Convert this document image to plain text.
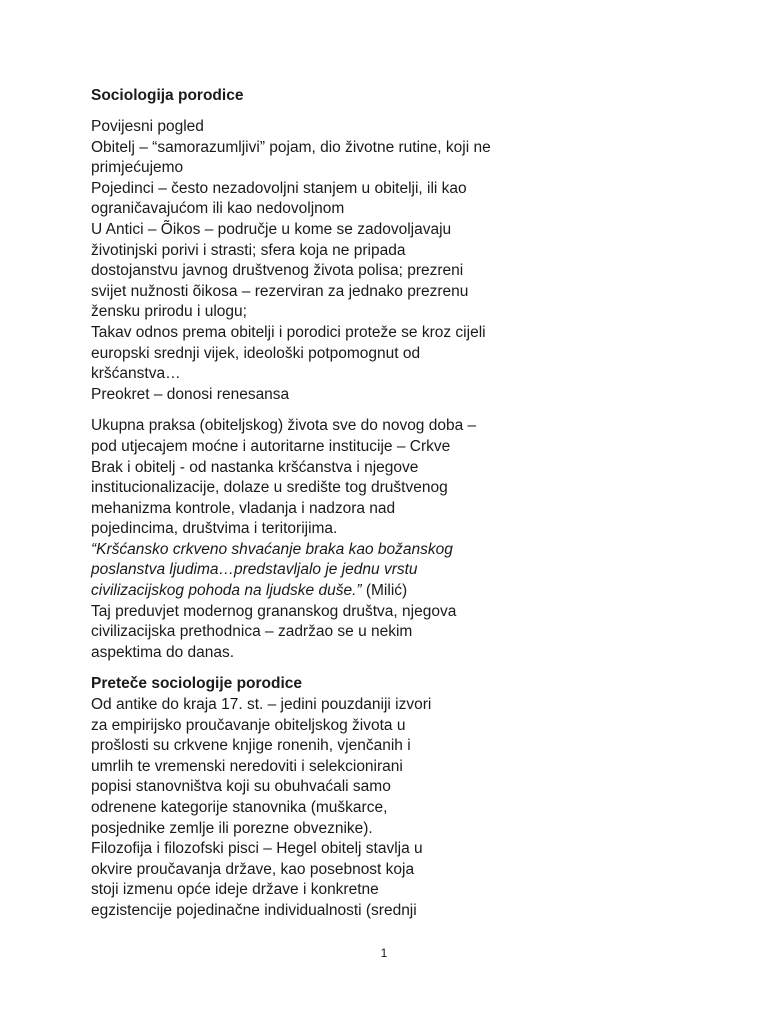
Sociologija porodice
Povijesni pogled
Obitelj – “samorazumljivi” pojam, dio životne rutine, koji ne
primjećujemo
Pojedinci – često nezadovoljni stanjem u obitelji, ili kao
ograničavajućom ili kao nedovoljnom
U Antici – Õikos – područje u kome se zadovoljavaju
životinjski porivi i strasti; sfera koja ne pripada
dostojanstvu javnog društvenog života polisa; prezreni
svijet nužnosti õikosa – rezerviran za jednako prezrenu
žensku prirodu i ulogu;
Takav odnos prema obitelji i porodici proteže se kroz cijeli
europski srednji vijek, ideološki potpomognut od
kršćanstva…
Preokret – donosi renesansa
Ukupna praksa (obiteljskog) života sve do novog doba –
pod utjecajem moćne i autoritarne institucije – Crkve
Brak i obitelj - od nastanka kršćanstva i njegove
institucionalizacije, dolaze u središte tog društvenog
mehanizma kontrole, vladanja i nadzora nad
pojedincima, društvima i teritorijima.
“Kršćansko crkveno shvaćanje braka kao božanskog
poslanstva ljudima…predstavljalo je jednu vrstu
civilizacijskog pohoda na ljudske duše.” (Milić)
Taj preduvjet modernog grananskog društva, njegova
civilizacijska prethodnica – zadržao se u nekim
aspektima do danas.
Preteče sociologije porodice
Od antike do kraja 17. st. – jedini pouzdaniji izvori
za empirijsko proučavanje obiteljskog života u
prošlosti su crkvene knjige ronenih, vjenčanih i
umrlih te vremenski neredoviti i selekcionirani
popisi stanovništva koji su obuhvaćali samo
odrenene kategorije stanovnika (muškarce,
posjednike zemlje ili porezne obveznike).
Filozofija i filozofski pisci – Hegel obitelj stavlja u
okvire proučavanja države, kao posebnost koja
stoji izmenu opće ideje države i konkretne
egzistencije pojedinačne individualnosti (srednji
1
